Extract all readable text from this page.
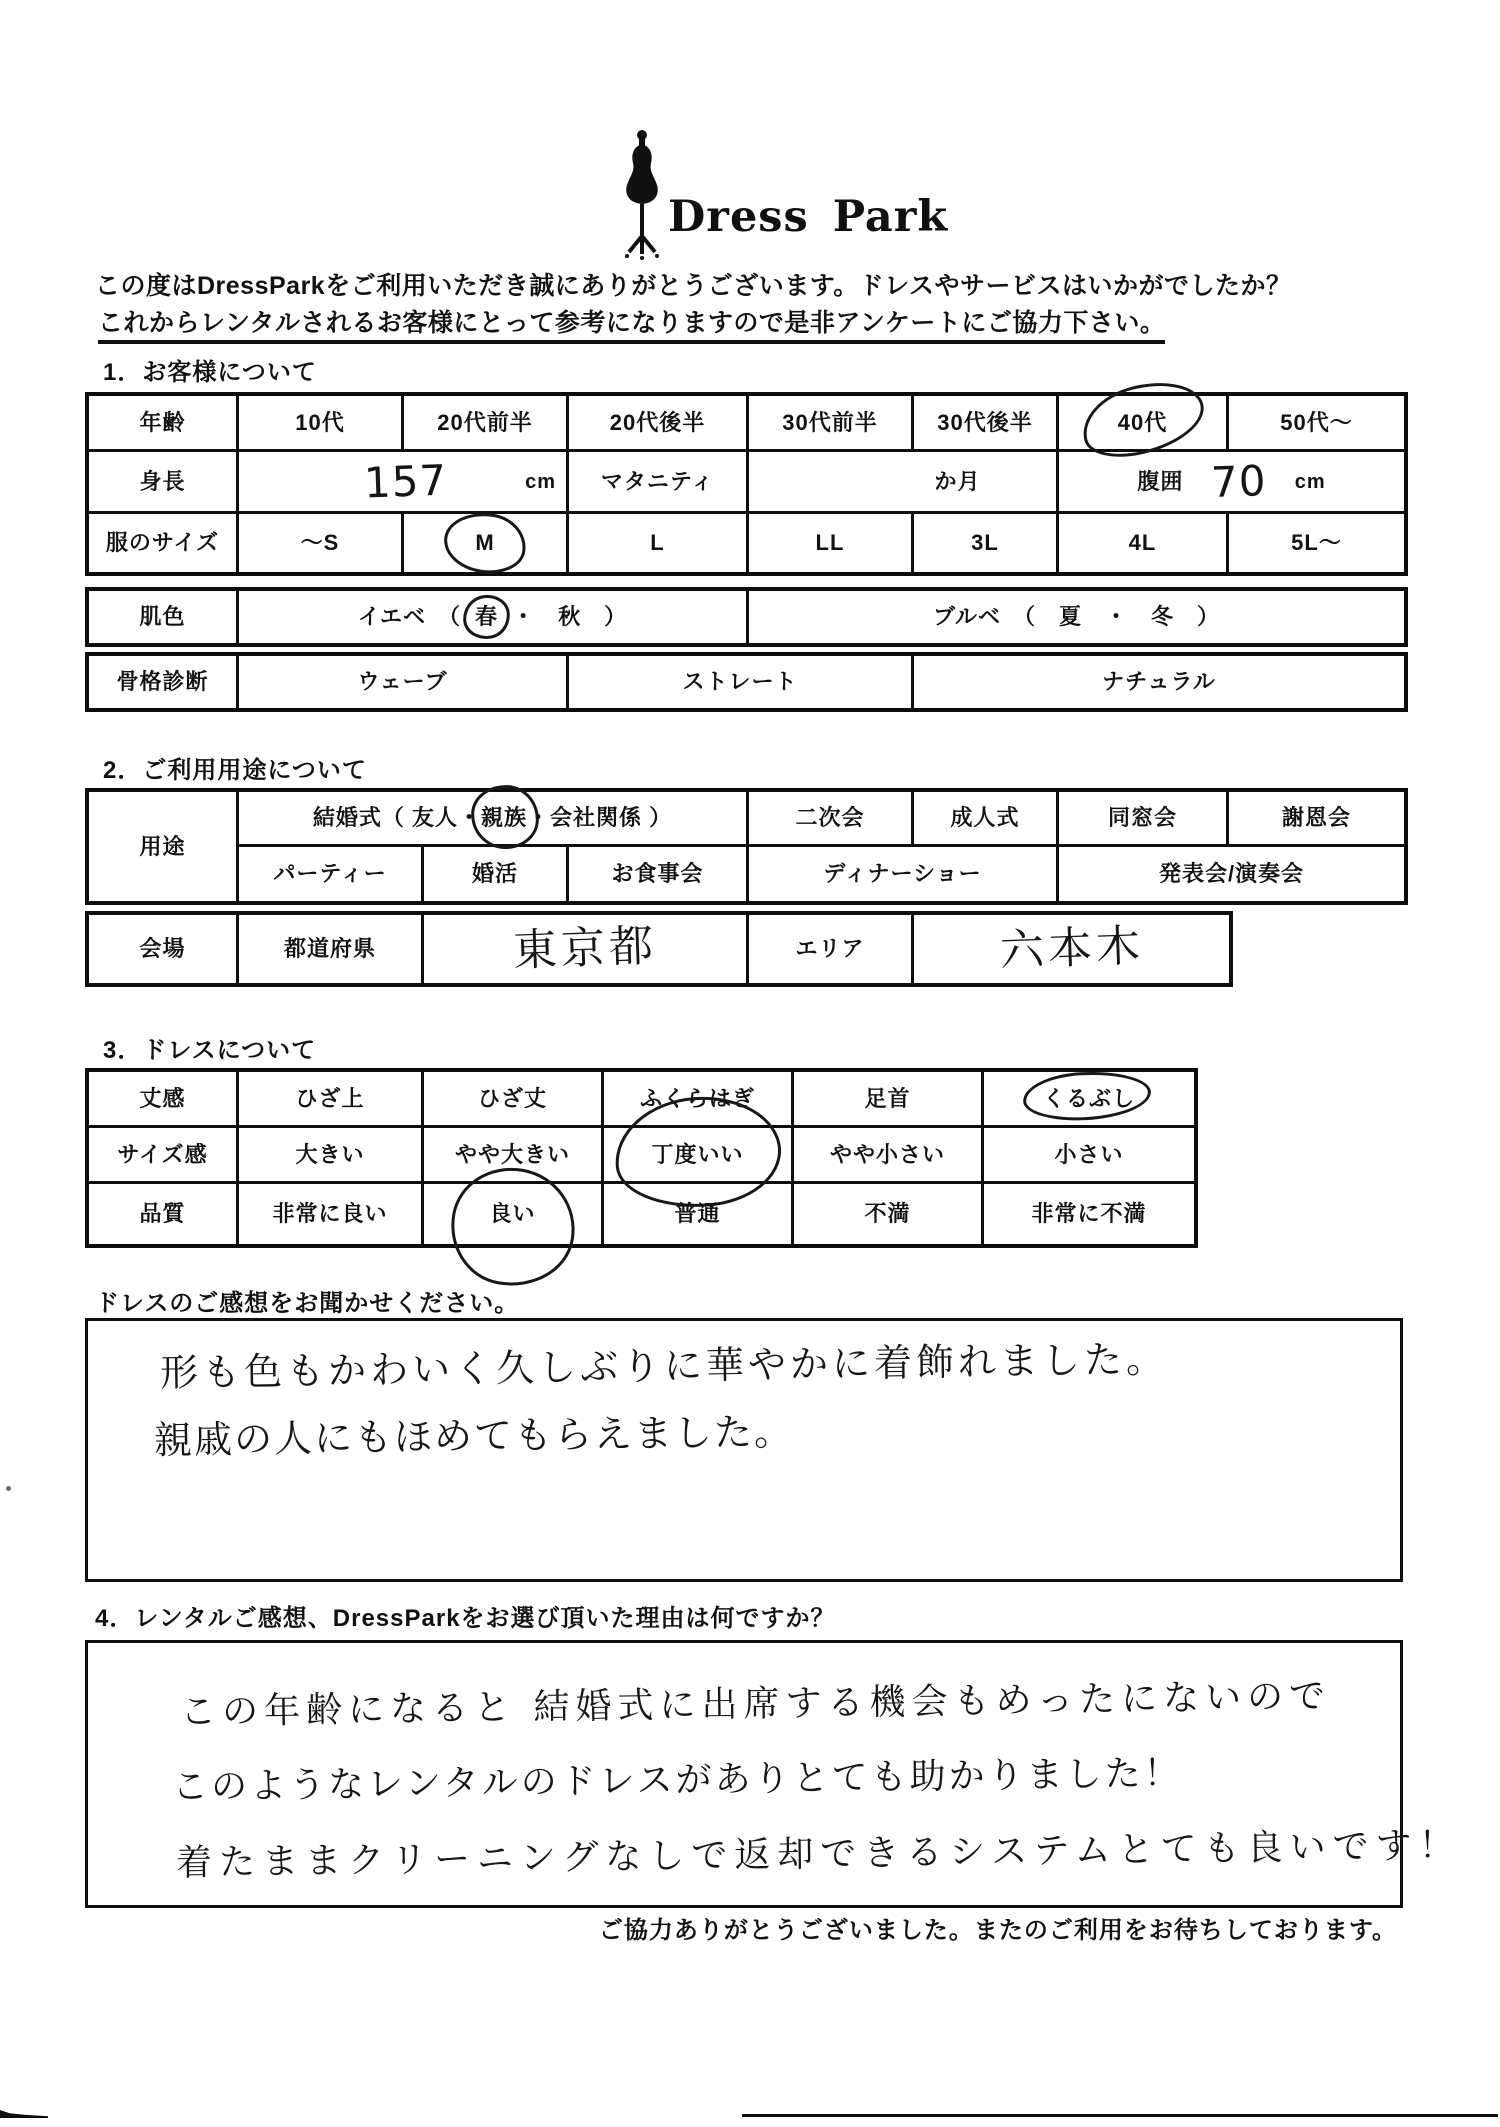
Dress Park
この度はDressParkをご利用いただき誠にありがとうございます。ドレスやサービスはいかがでしたか？
これからレンタルされるお客様にとって参考になりますので是非アンケートにご協力下さい。
1．お客様について
年齢	10代	20代前半	20代後半	30代前半	30代後半	40代	50代～
身長	157	cm	マタニティ	か月	腹囲 70 cm
服のサイズ	～S	M	L	LL	3L	4L	5L～
肌色	イエベ　（ 春 ・　秋　）	ブルベ　（　夏　・　冬　）
骨格診断	ウェーブ	ストレート	ナチュラル
2．ご利用用途について
用途
結婚式（ 友人・ 親族 ・会社関係 ）	二次会	成人式	同窓会	謝恩会
パーティー	婚活	お食事会	ディナーショー	発表会/演奏会
会場	都道府県	東京都	エリア	六本木
3．ドレスについて
丈感	ひざ上	ひざ丈	ふくらはぎ	足首	くるぶし
サイズ感	大きい	やや大きい	丁度いい	やや小さい	小さい
品質	非常に良い	良い	普通	不満	非常に不満
ドレスのご感想をお聞かせください。
形も色もかわいく久しぶりに華やかに着飾れました。
親戚の人にもほめてもらえました。
4．レンタルご感想、DressParkをお選び頂いた理由は何ですか？
この年齢になると 結婚式に出席する機会もめったにないので
このようなレンタルのドレスがありとても助かりました！
着たままクリーニングなしで返却できるシステムとても良いです！
ご協力ありがとうございました。またのご利用をお待ちしております。
